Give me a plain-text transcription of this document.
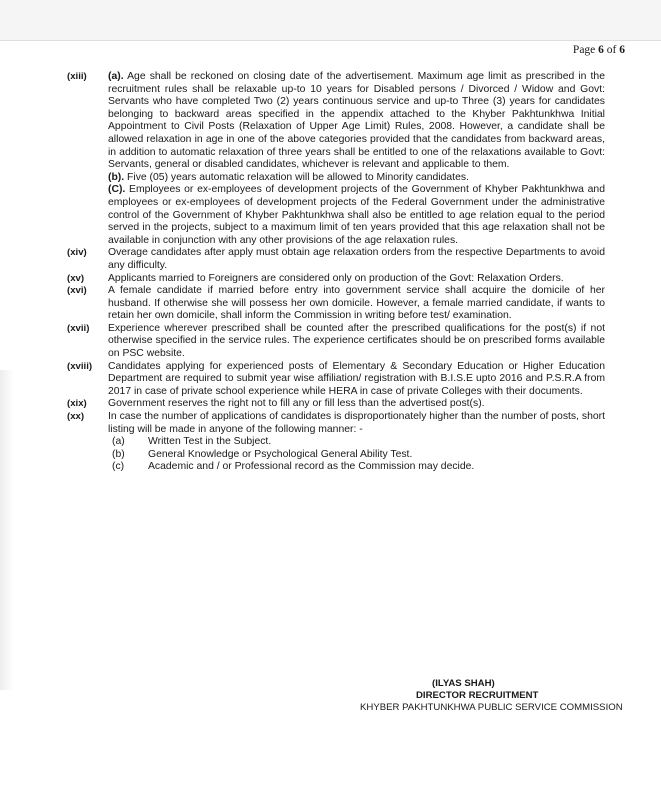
Page 6 of 6
(xiii) (a). Age shall be reckoned on closing date of the advertisement. Maximum age limit as prescribed in the recruitment rules shall be relaxable up-to 10 years for Disabled persons / Divorced / Widow and Govt: Servants who have completed Two (2) years continuous service and up-to Three (3) years for candidates belonging to backward areas specified in the appendix attached to the Khyber Pakhtunkhwa Initial Appointment to Civil Posts (Relaxation of Upper Age Limit) Rules, 2008. However, a candidate shall be allowed relaxation in age in one of the above categories provided that the candidates from backward areas, in addition to automatic relaxation of three years shall be entitled to one of the relaxations available to Govt: Servants, general or disabled candidates, whichever is relevant and applicable to them.
(b). Five (05) years automatic relaxation will be allowed to Minority candidates.
(C). Employees or ex-employees of development projects of the Government of Khyber Pakhtunkhwa and employees or ex-employees of development projects of the Federal Government under the administrative control of the Government of Khyber Pakhtunkhwa shall also be entitled to age relation equal to the period served in the projects, subject to a maximum limit of ten years provided that this age relaxation shall not be available in conjunction with any other provisions of the age relaxation rules.
(xiv) Overage candidates after apply must obtain age relaxation orders from the respective Departments to avoid any difficulty.
(xv) Applicants married to Foreigners are considered only on production of the Govt: Relaxation Orders.
(xvi) A female candidate if married before entry into government service shall acquire the domicile of her husband. If otherwise she will possess her own domicile. However, a female married candidate, if wants to retain her own domicile, shall inform the Commission in writing before test/ examination.
(xvii) Experience wherever prescribed shall be counted after the prescribed qualifications for the post(s) if not otherwise specified in the service rules. The experience certificates should be on prescribed forms available on PSC website.
(xviii) Candidates applying for experienced posts of Elementary & Secondary Education or Higher Education Department are required to submit year wise affiliation/ registration with B.I.S.E upto 2016 and P.S.R.A from 2017 in case of private school experience while HERA in case of private Colleges with their documents.
(xix) Government reserves the right not to fill any or fill less than the advertised post(s).
(xx) In case the number of applications of candidates is disproportionately higher than the number of posts, short listing will be made in anyone of the following manner: -
(a) Written Test in the Subject.
(b) General Knowledge or Psychological General Ability Test.
(c) Academic and / or Professional record as the Commission may decide.
(ILYAS SHAH)
DIRECTOR RECRUITMENT
KHYBER PAKHTUNKHWA PUBLIC SERVICE COMMISSION
